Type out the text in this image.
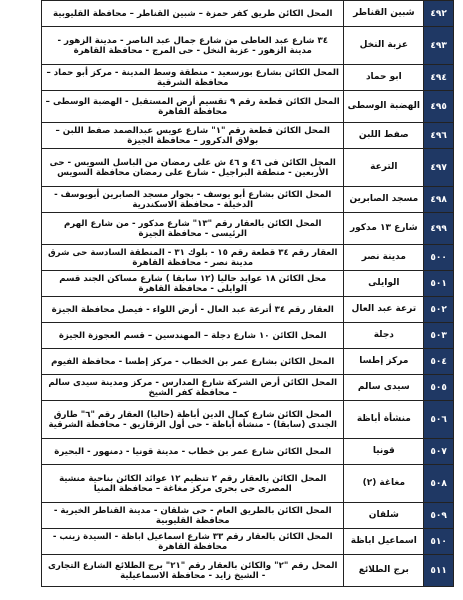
المحل الكائن طريق كفر حمزة – شبين القناطر – محافظة القليوبية	شبين القناطر	٤٩٢
٣٤ شارع عبد العاطى من شارع جمال عبد الناصر - مدينة الزهور - مدينة الزهور - عزبة النخل - حى المرج - محافظة القاهرة	عزبة النخل	٤٩٣
المحل الكائن بشارع بورسعيد - منطقة وسط المدينة - مركز أبو حماد – محافظة الشرقية	ابو حماد	٤٩٤
المحل الكائن قطعة رقم ٩ تقسيم أرض المستقبل - الهضبة الوسطى – محافظة القاهرة	الهضبة الوسطى	٤٩٥
المحل الكائن قطعة رقم "١" شارع عويس عبدالصمد صفط اللبن – بولاق الدكرور – محافظة الجيزة	صفط اللبن	٤٩٦
المحل الكائن فى ٤٦ و ٤٦ ش على رمضان من الباسل السويس - حى الأربعين - منطقة البراجيل - شارع على رمضان محافظة السويس	الترعة	٤٩٧
المحل الكائن بشارع أبو يوسف - بجوار مسجد الصابرين أبويوسف - الدخيلة - محافظة الاسكندرية	مسجد الصابرين	٤٩٨
المحل الكائن بالعقار رقم "١٣" شارع مدكور - من شارع الهرم الرئيسى - محافظة الجيزة	شارع ١٣ مدكور	٤٩٩
العقار رقم ٣٤ قطعة رقم ١٥ - بلوك ٣١ - المنطقة السادسة حى شرق مدينة نصر - محافظة القاهرة	مدينة نصر	٥٠٠
محل الكائن ١٨ عوايد حاليا (١٢ سابقا ) شارع مساكن الجند قسم الوايلى - محافظة القاهرة	الوايلى	٥٠١
العقار رقم ٣٤ أترعة عبد العال - أرض اللواء - فيصل محافظة الجيزة	ترعة عبد العال	٥٠٢
المحل الكائن ١٠ شارع دجلة – المهندسين – قسم العجوزة الجيزة	دجلة	٥٠٣
المحل الكائن بشارع عمر بن الخطاب - مركز إطسا - محافظة الفيوم	مركز إطسا	٥٠٤
المحل الكائن أرض الشركة شارع المدارس - مركز ومدينة سيدى سالم – محافظة كفر الشيخ	سيدى سالم	٥٠٥
المحل الكائن شارع كمال الدين أباظة (حاليا) العقار رقم "٦" طارق الجندى (سابقا) - منشأة أباظة - حى أول الزقازيق - محافظة الشرقية	منشأة أباظة	٥٠٦
المحل الكائن شارع عمر بن خطاب - مدينة قونيا - دمنهور - البحيرة	قونيا	٥٠٧
المحل الكائن بالعقار رقم ٢ تنظيم ١٢ عوائد الكائن بناحية منشية المصرى حى بحرى مركز مغاغة – محافظة المنيا	مغاغة (٢)	٥٠٨
المحل الكائن بالطريق العام - حى شلقان - مدينة القناطر الخيرية - محافظة القليوبية	شلقان	٥٠٩
المحل الكائن بالعقار رقم ٣٣ شارع اسماعيل اباظة - السيدة زينب - محافظة القاهرة	اسماعيل اباظة	٥١٠
المحل رقم "٢" والكائن بالعقار رقم "٢١" برج الطلائع الشارع التجارى - الشيخ زايد - محافظة الاسماعيلية	برج الطلائع	٥١١
